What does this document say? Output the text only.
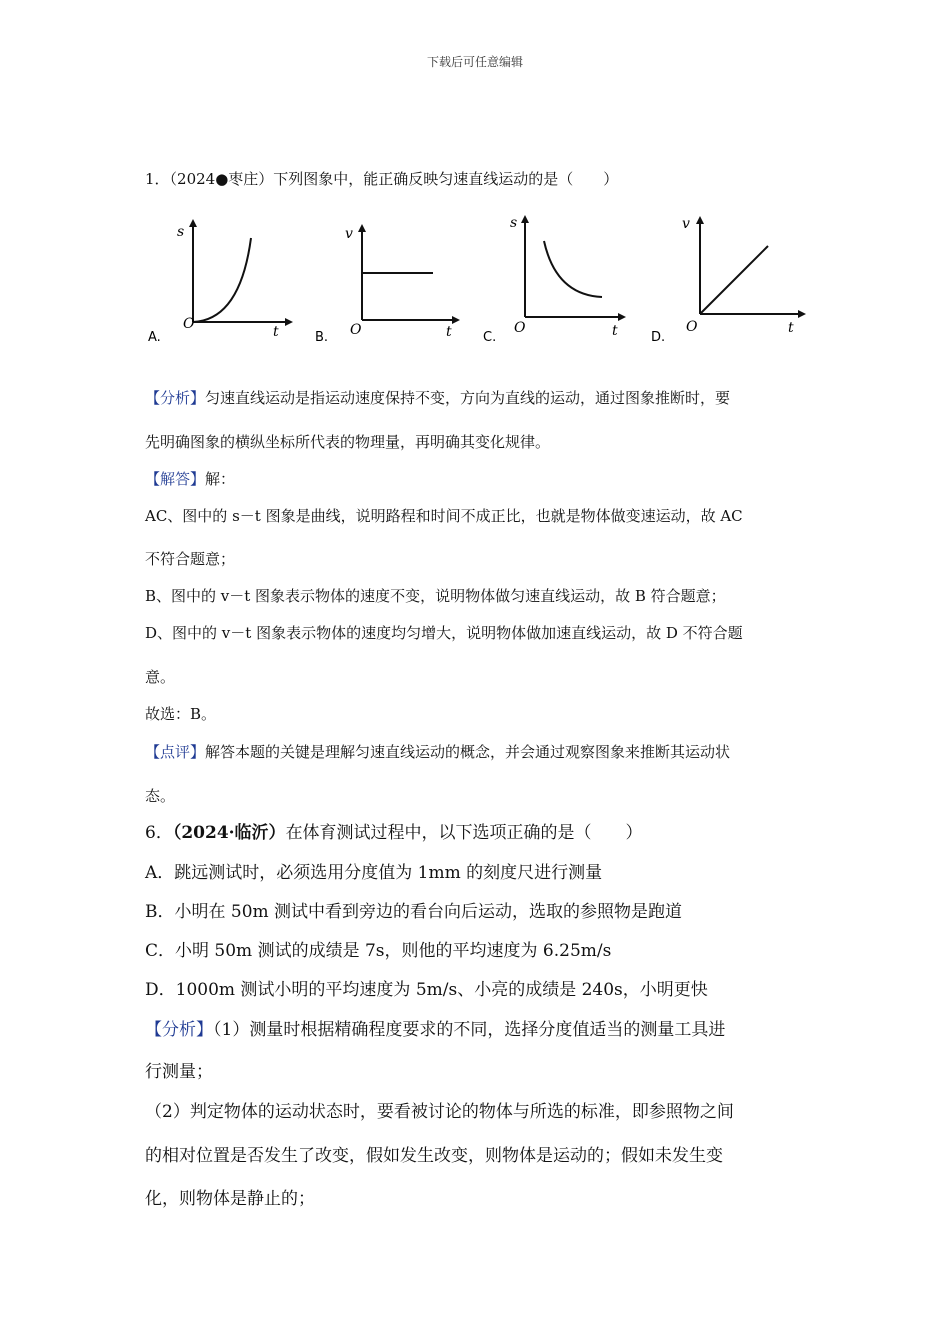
下载后可任意编辑
1．（2024●枣庄）下列图象中，能正确反映匀速直线运动的是（　　）
s
O	t
A.
v
O	t
B.
s
O	t
C.
v
O	t
D.
【分析】匀速直线运动是指运动速度保持不变，方向为直线的运动，通过图象推断时，要
先明确图象的横纵坐标所代表的物理量，再明确其变化规律。
【解答】解：
AC、图中的 s－t 图象是曲线，说明路程和时间不成正比，也就是物体做变速运动，故 AC
不符合题意；
B、图中的 v－t 图象表示物体的速度不变，说明物体做匀速直线运动，故 B 符合题意；
D、图中的 v－t 图象表示物体的速度均匀增大，说明物体做加速直线运动，故 D 不符合题
意。
故选：B。
【点评】解答本题的关键是理解匀速直线运动的概念，并会通过观察图象来推断其运动状
态。
6．（2024·临沂）在体育测试过程中，以下选项正确的是（　　）
A．跳远测试时，必须选用分度值为 1mm 的刻度尺进行测量
B．小明在 50m 测试中看到旁边的看台向后运动，选取的参照物是跑道
C．小明 50m 测试的成绩是 7s，则他的平均速度为 6.25m/s
D．1000m 测试小明的平均速度为 5m/s、小亮的成绩是 240s，小明更快
【分析】（1）测量时根据精确程度要求的不同，选择分度值适当的测量工具进
行测量；
（2）判定物体的运动状态时，要看被讨论的物体与所选的标准，即参照物之间
的相对位置是否发生了改变，假如发生改变，则物体是运动的；假如未发生变
化，则物体是静止的；
